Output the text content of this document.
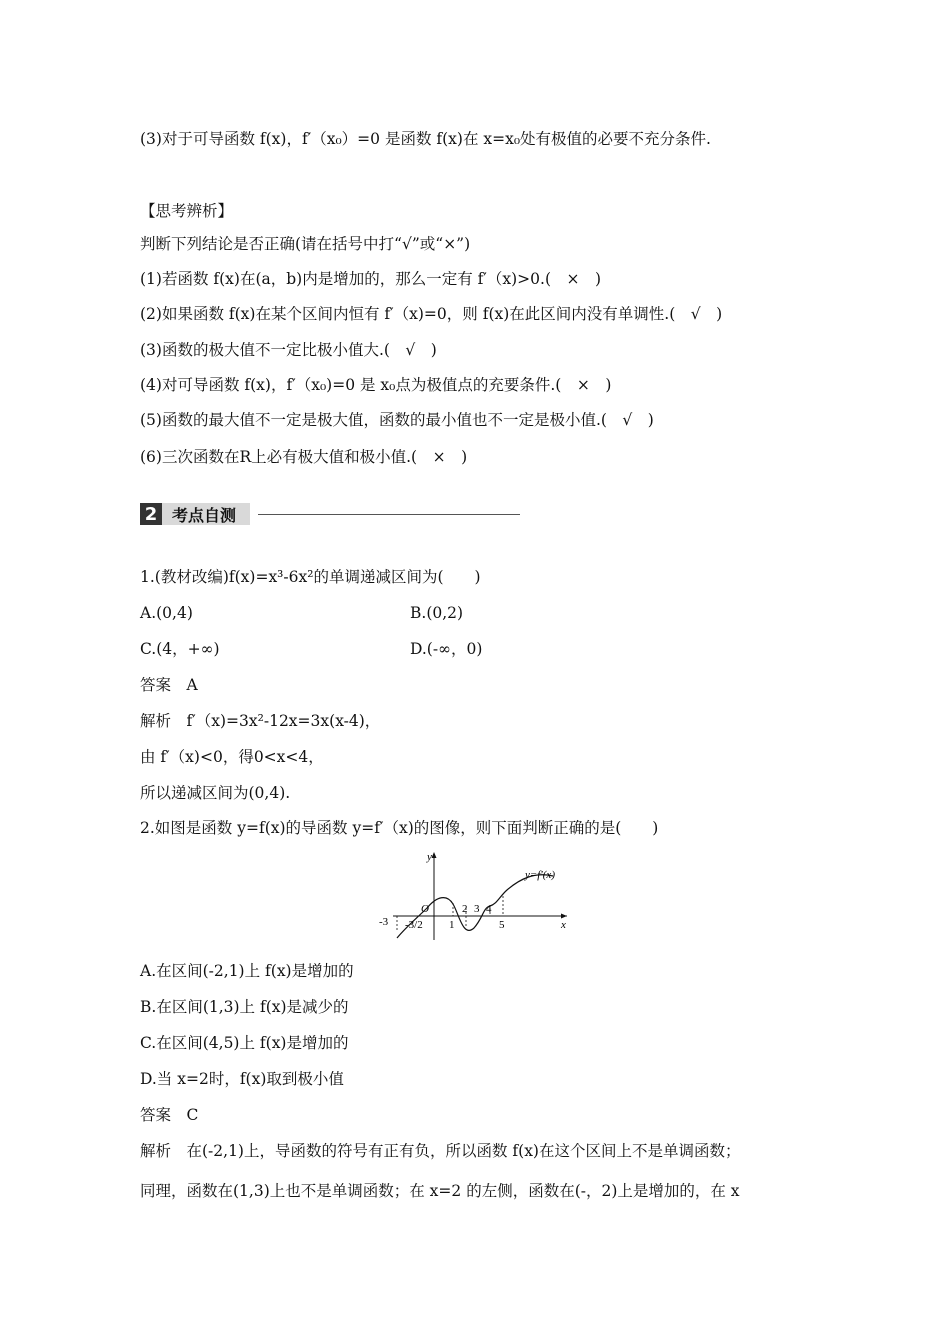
(3)对于可导函数 f(x)，f′（x₀）=0 是函数 f(x)在 x=x₀处有极值的必要不充分条件.
【思考辨析】
判断下列结论是否正确(请在括号中打“√”或“×”)
(1)若函数 f(x)在(a，b)内是增加的，那么一定有 f′（x)>0.(　×　)
(2)如果函数 f(x)在某个区间内恒有 f′（x)=0，则 f(x)在此区间内没有单调性.(　√　)
(3)函数的极大值不一定比极小值大.(　√　)
(4)对可导函数 f(x)，f′（x₀)=0 是 x₀点为极值点的充要条件.(　×　)
(5)函数的最大值不一定是极大值，函数的最小值也不一定是极小值.(　√　)
(6)三次函数在R上必有极大值和极小值.(　×　)
2 考点自测
1.(教材改编)f(x)=x³-6x²的单调递减区间为(　　)
A.(0,4)	B.(0,2)
C.(4，+∞)	D.(-∞，0)
答案　A
解析　f′（x)=3x²-12x=3x(x-4)，
由 f′（x)<0，得0<x<4，
所以递减区间为(0,4).
2.如图是函数 y=f(x)的导函数 y=f′（x)的图像，则下面判断正确的是(　　)
y
x
O
y=f′(x)
-3 -3/2 1
2 3 4
5
A.在区间(-2,1)上 f(x)是增加的
B.在区间(1,3)上 f(x)是减少的
C.在区间(4,5)上 f(x)是增加的
D.当 x=2时，f(x)取到极小值
答案　C
解析　在(-2,1)上，导函数的符号有正有负，所以函数 f(x)在这个区间上不是单调函数；
同理，函数在(1,3)上也不是单调函数；在 x=2 的左侧，函数在(-，2)上是增加的，在 x
